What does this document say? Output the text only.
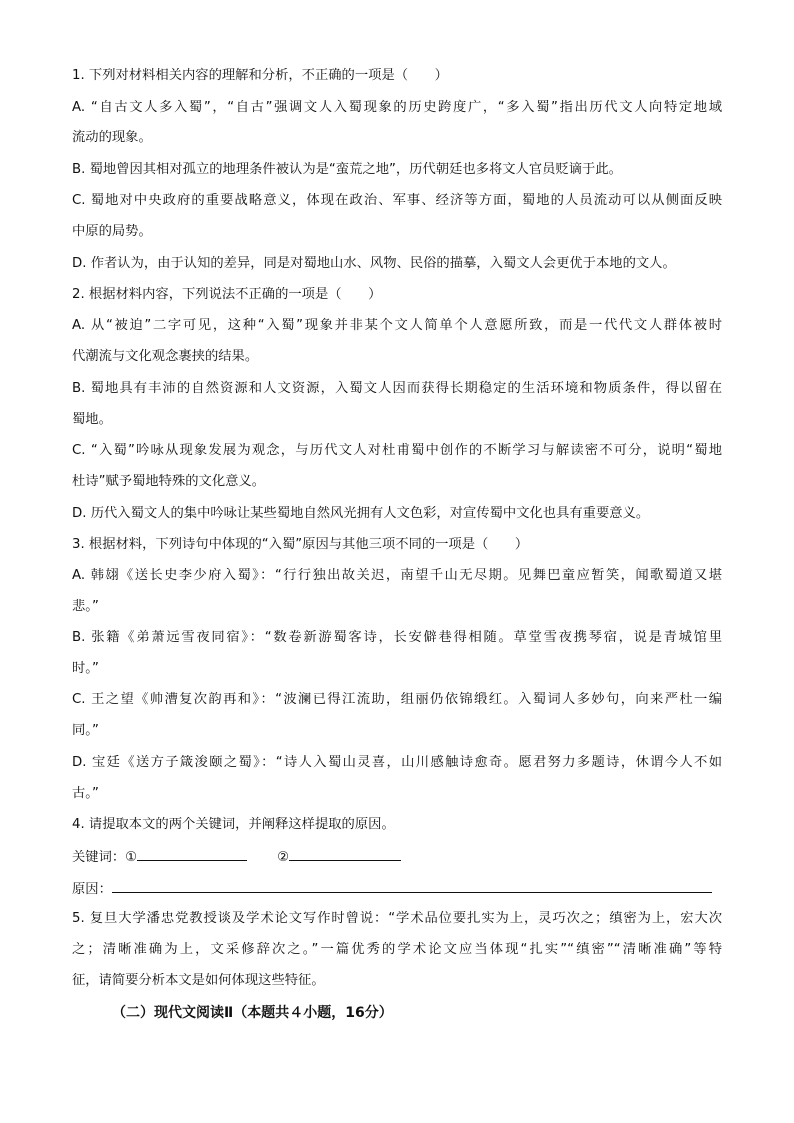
1. 下列对材料相关内容的理解和分析，不正确的一项是（　　）
A. “自古文人多入蜀”，“自古”强调文人入蜀现象的历史跨度广，“多入蜀”指出历代文人向特定地域
流动的现象。
B. 蜀地曾因其相对孤立的地理条件被认为是“蛮荒之地”，历代朝廷也多将文人官员贬谪于此。
C. 蜀地对中央政府的重要战略意义，体现在政治、军事、经济等方面，蜀地的人员流动可以从侧面反映
中原的局势。
D. 作者认为，由于认知的差异，同是对蜀地山水、风物、民俗的描摹，入蜀文人会更优于本地的文人。
2. 根据材料内容，下列说法不正确的一项是（　　）
A. 从“被迫”二字可见，这种“入蜀”现象并非某个文人简单个人意愿所致，而是一代代文人群体被时
代潮流与文化观念裹挟的结果。
B. 蜀地具有丰沛的自然资源和人文资源，入蜀文人因而获得长期稳定的生活环境和物质条件，得以留在
蜀地。
C. “入蜀”吟咏从现象发展为观念，与历代文人对杜甫蜀中创作的不断学习与解读密不可分，说明“蜀地
杜诗”赋予蜀地特殊的文化意义。
D. 历代入蜀文人的集中吟咏让某些蜀地自然风光拥有人文色彩，对宣传蜀中文化也具有重要意义。
3. 根据材料，下列诗句中体现的“入蜀”原因与其他三项不同的一项是（　　）
A. 韩翃《送长史李少府入蜀》：“行行独出故关迟，南望千山无尽期。见舞巴童应暂笑，闻歌蜀道又堪
悲。”
B. 张籍《弟萧远雪夜同宿》：“数卷新游蜀客诗，长安僻巷得相随。草堂雪夜携琴宿，说是青城馆里
时。”
C. 王之望《帅漕复次韵再和》：“波澜已得江流助，组丽仍依锦缎红。入蜀词人多妙句，向来严杜一编
同。”
D. 宝廷《送方子箴浚颐之蜀》：“诗人入蜀山灵喜，山川感触诗愈奇。愿君努力多题诗，休谓今人不如
古。”
4. 请提取本文的两个关键词，并阐释这样提取的原因。
关键词：①	②
原因：
5. 复旦大学潘忠党教授谈及学术论文写作时曾说：“学术品位要扎实为上，灵巧次之；缜密为上，宏大次
之；清晰准确为上，文采修辞次之。”一篇优秀的学术论文应当体现“扎实”“缜密”“清晰准确”等特
征，请简要分析本文是如何体现这些特征。
（二）现代文阅读Ⅱ（本题共４小题，16分）
